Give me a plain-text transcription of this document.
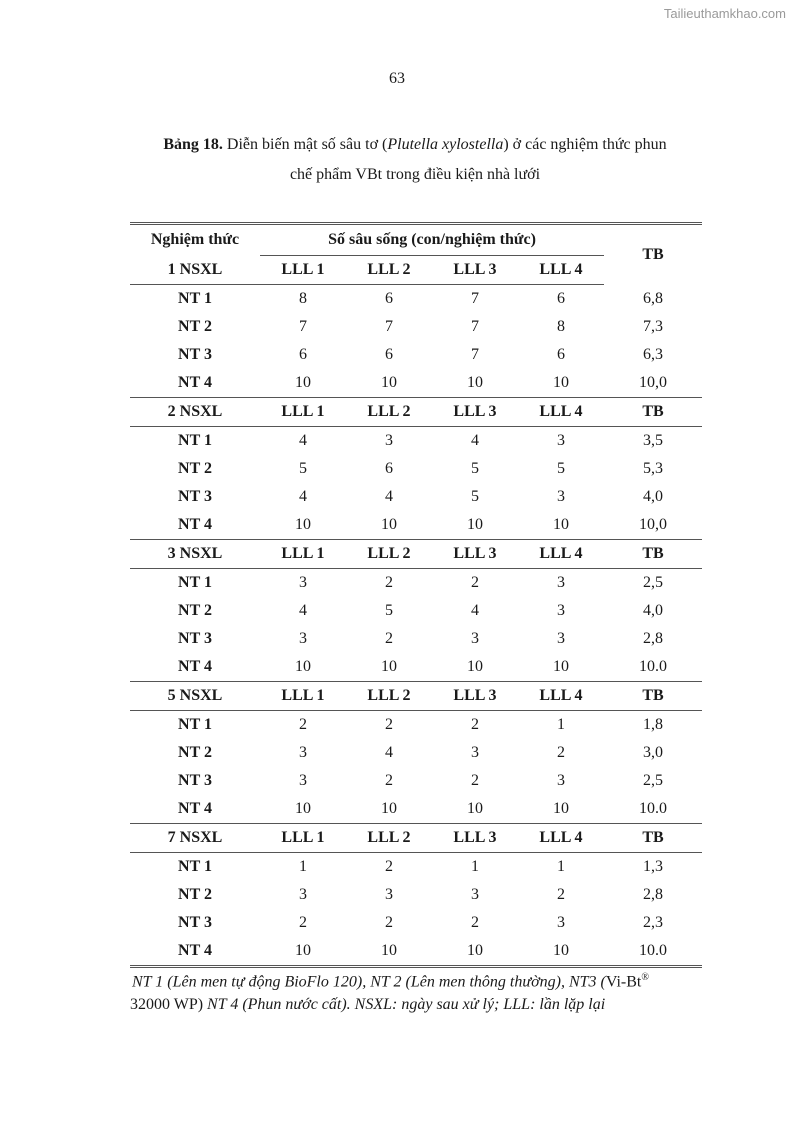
Tailieuthamkhao.com
63
Bảng 18. Diễn biến mật số sâu tơ (Plutella xylostella) ở các nghiệm thức phun
chế phẩm VBt trong điều kiện nhà lưới
Nghiệm thức	Số sâu sống (con/nghiệm thức)				TB
1 NSXL	LLL 1	LLL 2	LLL 3	LLL 4	
NT 1	8	6	7	6	6,8
NT 2	7	7	7	8	7,3
NT 3	6	6	7	6	6,3
NT 4	10	10	10	10	10,0
2 NSXL	LLL 1	LLL 2	LLL 3	LLL 4	TB
NT 1	4	3	4	3	3,5
NT 2	5	6	5	5	5,3
NT 3	4	4	5	3	4,0
NT 4	10	10	10	10	10,0
3 NSXL	LLL 1	LLL 2	LLL 3	LLL 4	TB
NT 1	3	2	2	3	2,5
NT 2	4	5	4	3	4,0
NT 3	3	2	3	3	2,8
NT 4	10	10	10	10	10.0
5 NSXL	LLL 1	LLL 2	LLL 3	LLL 4	TB
NT 1	2	2	2	1	1,8
NT 2	3	4	3	2	3,0
NT 3	3	2	2	3	2,5
NT 4	10	10	10	10	10.0
7 NSXL	LLL 1	LLL 2	LLL 3	LLL 4	TB
NT 1	1	2	1	1	1,3
NT 2	3	3	3	2	2,8
NT 3	2	2	2	3	2,3
NT 4	10	10	10	10	10.0
NT 1 (Lên men tự động BioFlo 120), NT 2 (Lên men thông thường), NT3 (Vi-Bt®
32000 WP) NT 4 (Phun nước cất). NSXL: ngày sau xử lý; LLL: lần lặp lại
